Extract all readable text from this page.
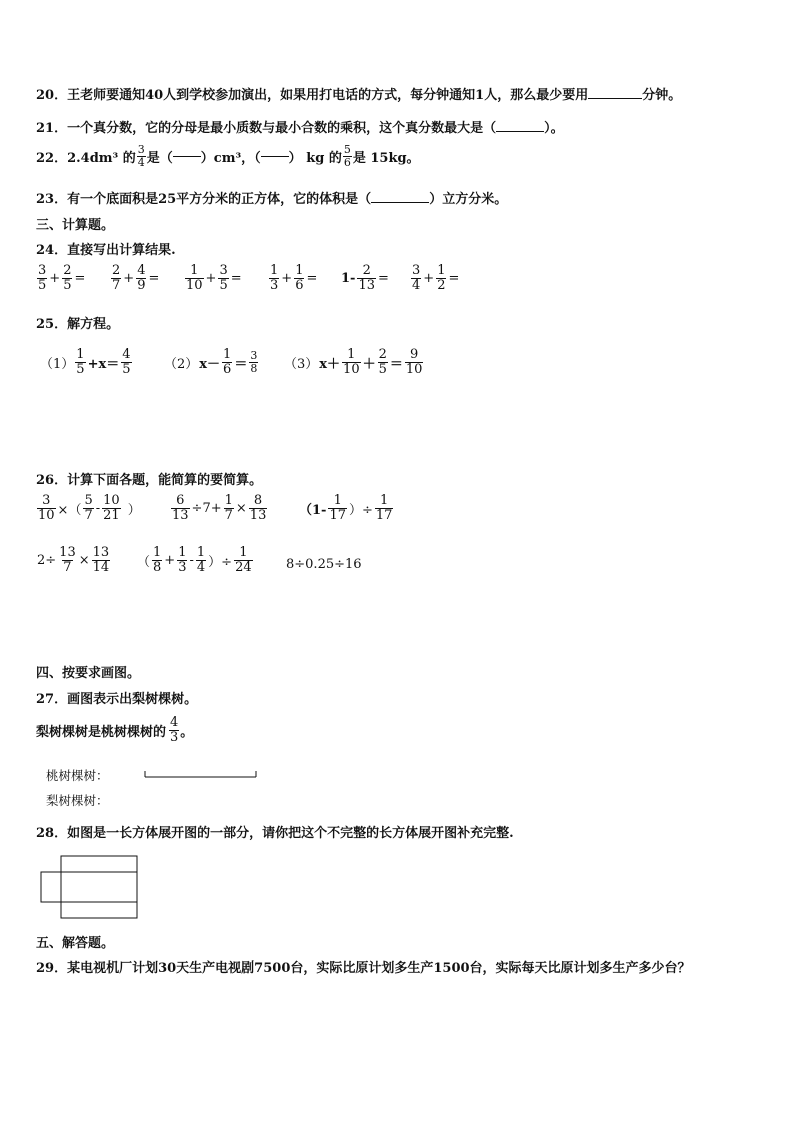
20．王老师要通知40人到学校参加演出，如果用打电话的方式，每分钟通知1人，那么最少要用	分钟。
21．一个真分数，它的分母是最小质数与最小合数的乘积，这个真分数最大是（	）。
22． 2.4dm³ 的 $\frac{3}{4}$ 是（ ）cm³，（ ） kg 的 $\frac{5}{6}$ 是 15kg。
23．有一个底面积是25平方分米的正方体，它的体积是（	）立方分米。
三、计算题。
24．直接写出计算结果.
$\frac{3}{5} + \frac{2}{5} = \frac{2}{7} + \frac{4}{9} = \frac{1}{10} + \frac{3}{5} = \frac{1}{3} + \frac{1}{6} = 1- \frac{2}{13} = \frac{3}{4} + \frac{1}{2}$ =
25．解方程。
$(1) \frac{1}{5} +x= \frac{4}{5}$	（2） $x- \frac{1}{6} = \frac{3}{8} (3)$ $x+ \frac{1}{10} + \frac{2}{5} = \frac{9}{10}$
26．计算下面各题，能简算的要简算。
$\frac{3}{10}$ ×（ $\frac{5}{7} - \frac{10}{21}$ ） $\frac{6}{13} \div 7+ \frac{1}{7} \times \frac{8}{13} (1- \frac{1}{17}$ ）÷ $\frac{1}{17}$
$2\div \frac{13}{7} \times \frac{13}{14}$ （ $\frac{1}{8} + \frac{1}{3} - \frac{1}{4}$ ）÷ $\frac{1}{24}$	8÷0.25÷16
四、按要求画图。
27．画图表示出梨树棵树。
梨树棵树是桃树棵树的 $\frac{4}{3}$ 。
桃树棵树：
梨树棵树：
28．如图是一长方体展开图的一部分，请你把这个不完整的长方体展开图补充完整.
五、解答题。
29．某电视机厂计划30天生产电视剧7500台，实际比原计划多生产1500台，实际每天比原计划多生产多少台？
